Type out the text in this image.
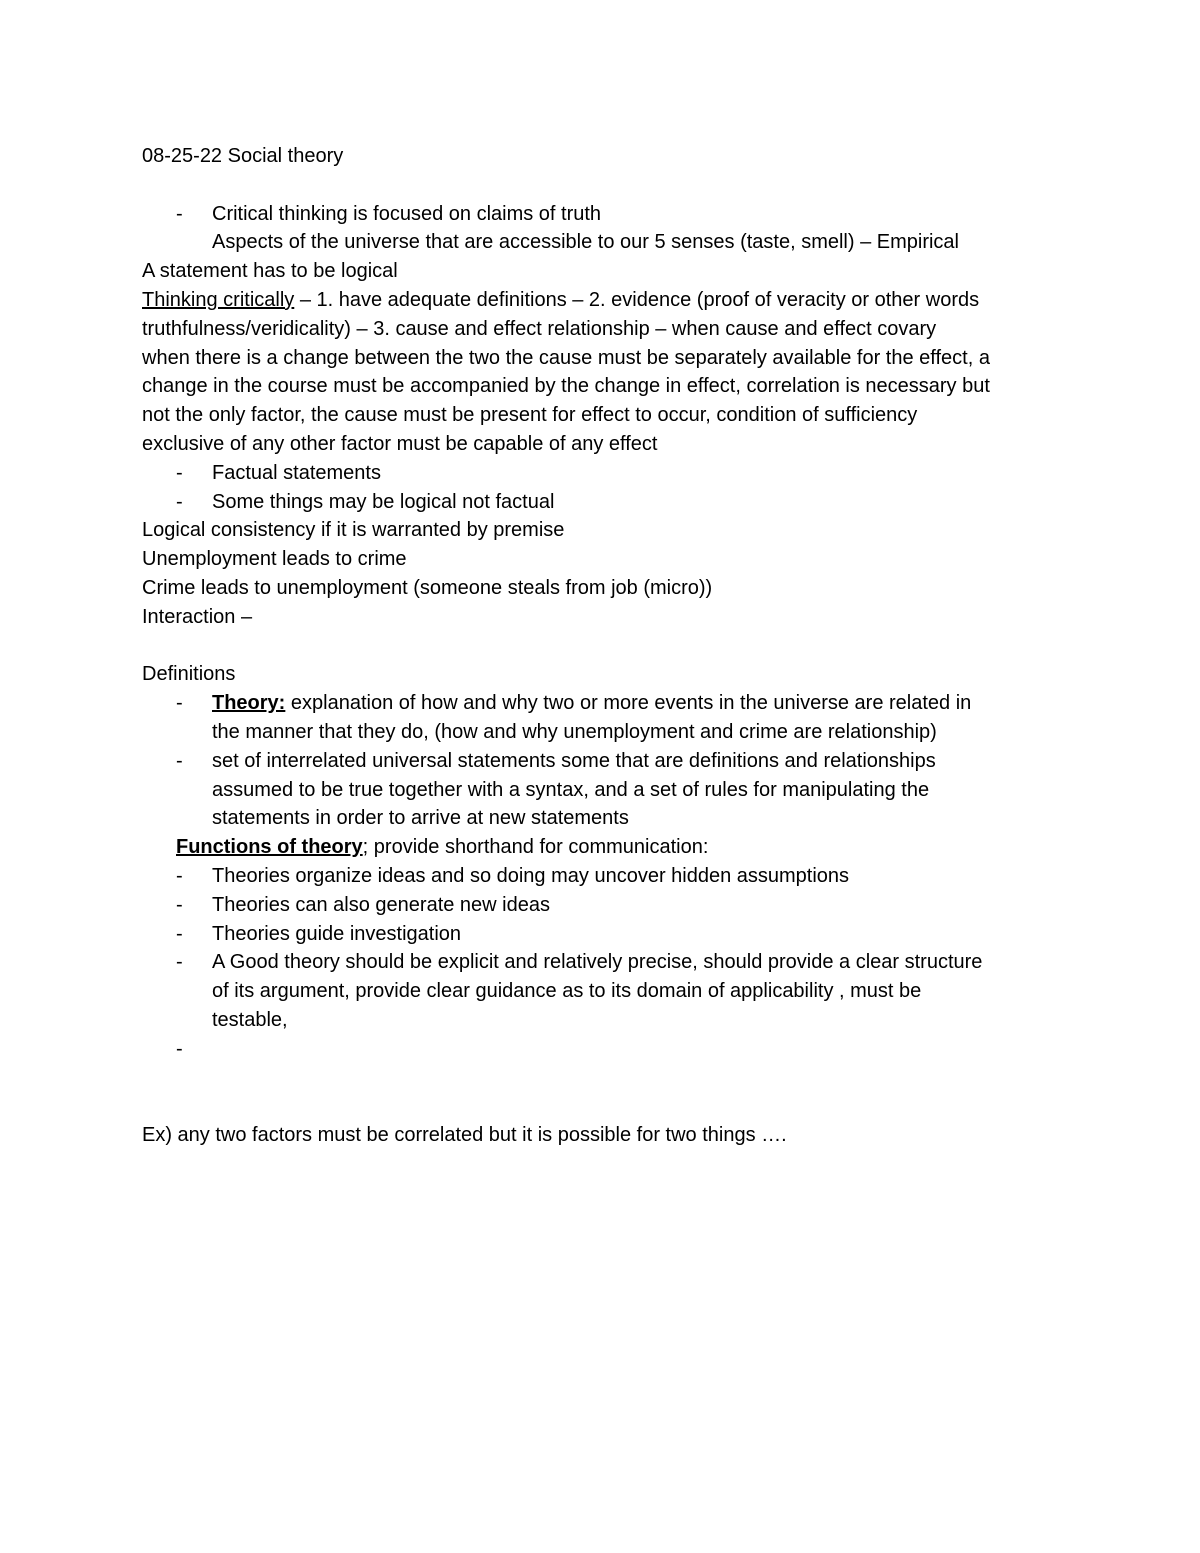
08-25-22 Social theory
- Critical thinking is focused on claims of truth
Aspects of the universe that are accessible to our 5 senses (taste, smell) – Empirical
A statement has to be logical
Thinking critically – 1. have adequate definitions – 2. evidence (proof of veracity or other words
truthfulness/veridicality) – 3. cause and effect relationship – when cause and effect covary
when there is a change between the two the cause must be separately available for the effect, a
change in the course must be accompanied by the change in effect, correlation is necessary but
not the only factor, the cause must be present for effect to occur, condition of sufficiency
exclusive of any other factor must be capable of any effect
- Factual statements
- Some things may be logical not factual
Logical consistency if it is warranted by premise
Unemployment leads to crime
Crime leads to unemployment (someone steals from job (micro))
Interaction –
Definitions
- Theory: explanation of how and why two or more events in the universe are related in
the manner that they do, (how and why unemployment and crime are relationship)
- set of interrelated universal statements some that are definitions and relationships
assumed to be true together with a syntax, and a set of rules for manipulating the
statements in order to arrive at new statements
Functions of theory; provide shorthand for communication:
- Theories organize ideas and so doing may uncover hidden assumptions
- Theories can also generate new ideas
- Theories guide investigation
- A Good theory should be explicit and relatively precise, should provide a clear structure
of its argument, provide clear guidance as to its domain of applicability , must be
testable,
-
Ex) any two factors must be correlated but it is possible for two things ….
